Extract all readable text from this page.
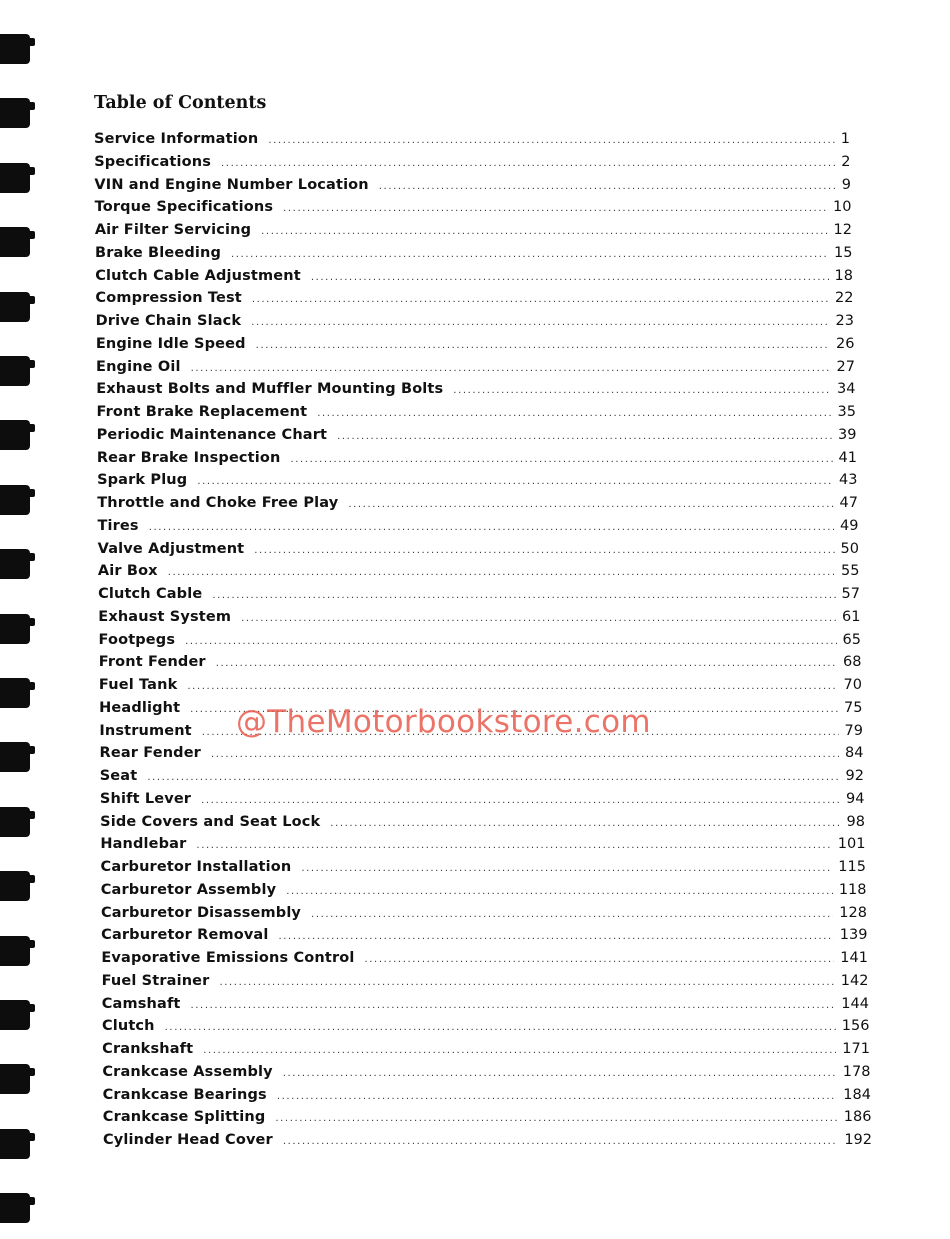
Table of Contents
Service Information .....	1
Specifications .....	2
VIN and Engine Number Location .....	9
Torque Specifications .....	10
Air Filter Servicing .....	12
Brake Bleeding .....	15
Clutch Cable Adjustment .....	18
Compression Test .....	22
Drive Chain Slack .....	23
Engine Idle Speed .....	26
Engine Oil .....	27
Exhaust Bolts and Muffler Mounting Bolts .....	34
Front Brake Replacement .....	35
Periodic Maintenance Chart .....	39
Rear Brake Inspection .....	41
Spark Plug .....	43
Throttle and Choke Free Play .....	47
Tires .....	49
Valve Adjustment .....	50
Air Box .....	55
Clutch Cable .....	57
Exhaust System .....	61
Footpegs .....	65
Front Fender .....	68
Fuel Tank .....	70
Headlight .....	75
Instrument .....	79
Rear Fender .....	84
Seat .....	92
Shift Lever .....	94
Side Covers and Seat Lock .....	98
Handlebar .....	101
Carburetor Installation .....	115
Carburetor Assembly .....	118
Carburetor Disassembly .....	128
Carburetor Removal .....	139
Evaporative Emissions Control .....	141
Fuel Strainer .....	142
Camshaft .....	144
Clutch .....	156
Crankshaft .....	171
Crankcase Assembly .....	178
Crankcase Bearings .....	184
Crankcase Splitting .....	186
Cylinder Head Cover .....	192
@TheMotorbookstore.com
